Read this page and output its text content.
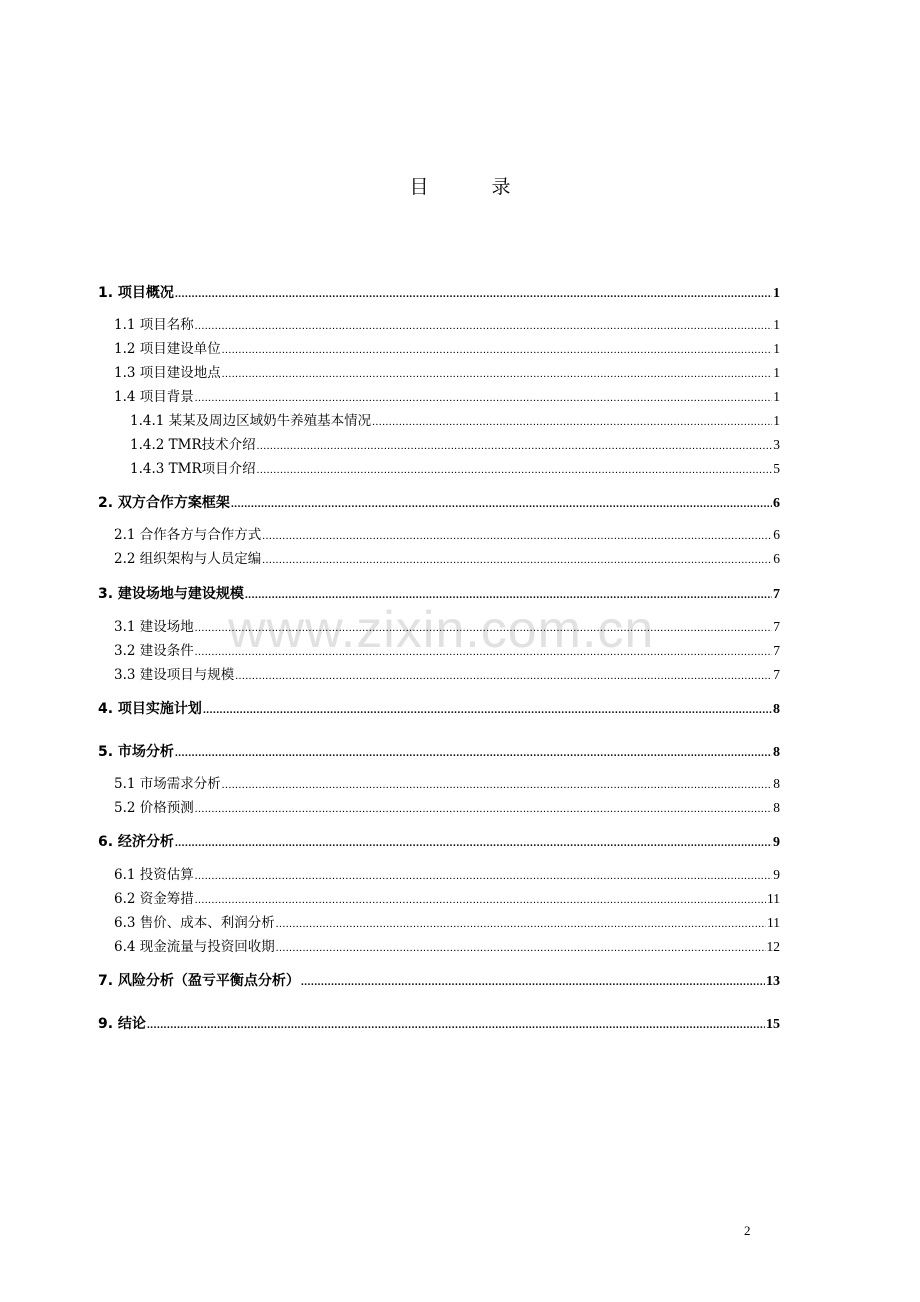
www.zixin.com.cn
目　录
1. 项目概况 .....	1
1.1 项目名称 .....	1
1.2 项目建设单位 .....	1
1.3 项目建设地点 .....	1
1.4 项目背景 .....	1
1.4.1 某某及周边区域奶牛养殖基本情况 .....	1
1.4.2 TMR技术介绍 .....	3
1.4.3 TMR项目介绍 .....	5
2. 双方合作方案框架 .....	6
2.1 合作各方与合作方式 .....	6
2.2 组织架构与人员定编 .....	6
3. 建设场地与建设规模 .....	7
3.1 建设场地 .....	7
3.2 建设条件 .....	7
3.3 建设项目与规模 .....	7
4. 项目实施计划 .....	8
5. 市场分析 .....	8
5.1 市场需求分析 .....	8
5.2 价格预测 .....	8
6. 经济分析 .....	9
6.1 投资估算 .....	9
6.2 资金筹措 .....	11
6.3 售价、成本、利润分析 .....	11
6.4 现金流量与投资回收期 .....	12
7. 风险分析（盈亏平衡点分析） .....	13
9. 结论 .....	15
2
